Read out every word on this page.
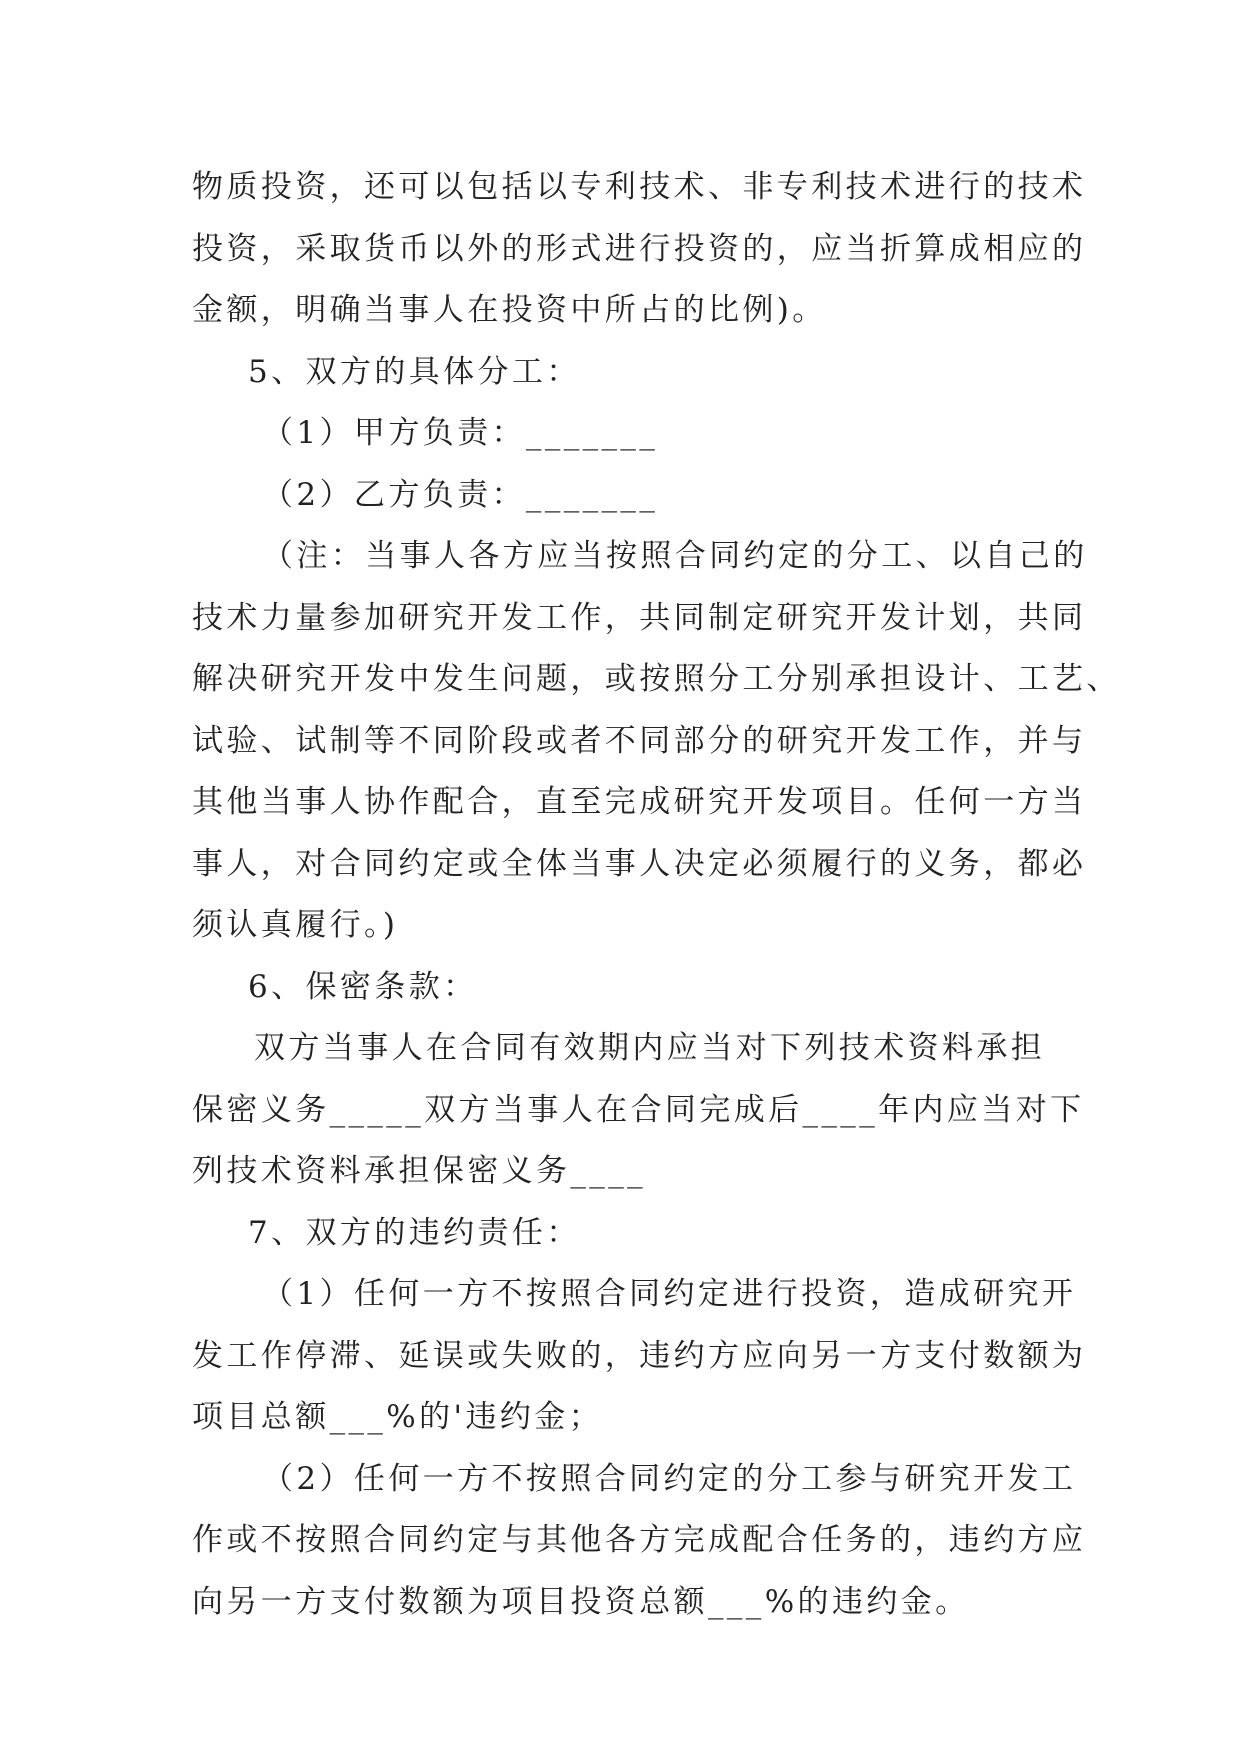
物质投资，还可以包括以专利技术、非专利技术进行的技术
投资，采取货币以外的形式进行投资的，应当折算成相应的
金额，明确当事人在投资中所占的比例)。
5、双方的具体分工：
（1）甲方负责：_______
（2）乙方负责：_______
（注：当事人各方应当按照合同约定的分工、以自己的
技术力量参加研究开发工作，共同制定研究开发计划，共同
解决研究开发中发生问题，或按照分工分别承担设计、工艺、
试验、试制等不同阶段或者不同部分的研究开发工作，并与
其他当事人协作配合，直至完成研究开发项目。任何一方当
事人，对合同约定或全体当事人决定必须履行的义务，都必
须认真履行。)
6、保密条款：
双方当事人在合同有效期内应当对下列技术资料承担
保密义务_____双方当事人在合同完成后____年内应当对下
列技术资料承担保密义务____
7、双方的违约责任：
（1）任何一方不按照合同约定进行投资，造成研究开
发工作停滞、延误或失败的，违约方应向另一方支付数额为
项目总额___%的'违约金；
（2）任何一方不按照合同约定的分工参与研究开发工
作或不按照合同约定与其他各方完成配合任务的，违约方应
向另一方支付数额为项目投资总额___%的违约金。
